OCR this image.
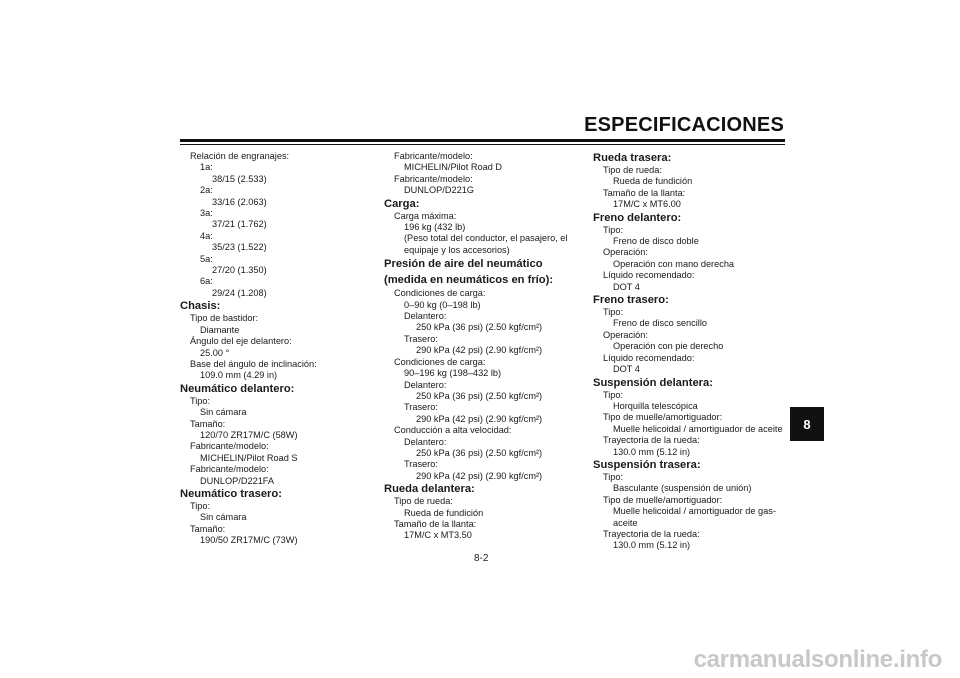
ESPECIFICACIONES
Relación de engranajes:
1a:
38/15 (2.533)
2a:
33/16 (2.063)
3a:
37/21 (1.762)
4a:
35/23 (1.522)
5a:
27/20 (1.350)
6a:
29/24 (1.208)
Chasis:
Tipo de bastidor:
Diamante
Ángulo del eje delantero:
25.00 °
Base del ángulo de inclinación:
109.0 mm (4.29 in)
Neumático delantero:
Tipo:
Sin cámara
Tamaño:
120/70 ZR17M/C (58W)
Fabricante/modelo:
MICHELIN/Pilot Road S
Fabricante/modelo:
DUNLOP/D221FA
Neumático trasero:
Tipo:
Sin cámara
Tamaño:
190/50 ZR17M/C (73W)
Fabricante/modelo:
MICHELIN/Pilot Road D
Fabricante/modelo:
DUNLOP/D221G
Carga:
Carga máxima:
196 kg (432 lb)
(Peso total del conductor, el pasajero, el equipaje y los accesorios)
Presión de aire del neumático (medida en neumáticos en frío):
Condiciones de carga:
0–90 kg (0–198 lb)
Delantero:
250 kPa (36 psi) (2.50 kgf/cm²)
Trasero:
290 kPa (42 psi) (2.90 kgf/cm²)
Condiciones de carga:
90–196 kg (198–432 lb)
Delantero:
250 kPa (36 psi) (2.50 kgf/cm²)
Trasero:
290 kPa (42 psi) (2.90 kgf/cm²)
Conducción a alta velocidad:
Delantero:
250 kPa (36 psi) (2.50 kgf/cm²)
Trasero:
290 kPa (42 psi) (2.90 kgf/cm²)
Rueda delantera:
Tipo de rueda:
Rueda de fundición
Tamaño de la llanta:
17M/C x MT3.50
Rueda trasera:
Tipo de rueda:
Rueda de fundición
Tamaño de la llanta:
17M/C x MT6.00
Freno delantero:
Tipo:
Freno de disco doble
Operación:
Operación con mano derecha
Líquido recomendado:
DOT 4
Freno trasero:
Tipo:
Freno de disco sencillo
Operación:
Operación con pie derecho
Líquido recomendado:
DOT 4
Suspensión delantera:
Tipo:
Horquilla telescópica
Tipo de muelle/amortiguador:
Muelle helicoidal / amortiguador de aceite
Trayectoria de la rueda:
130.0 mm (5.12 in)
Suspensión trasera:
Tipo:
Basculante (suspensión de unión)
Tipo de muelle/amortiguador:
Muelle helicoidal / amortiguador de gas-aceite
Trayectoria de la rueda:
130.0 mm (5.12 in)
8
8-2
carmanualsonline.info
